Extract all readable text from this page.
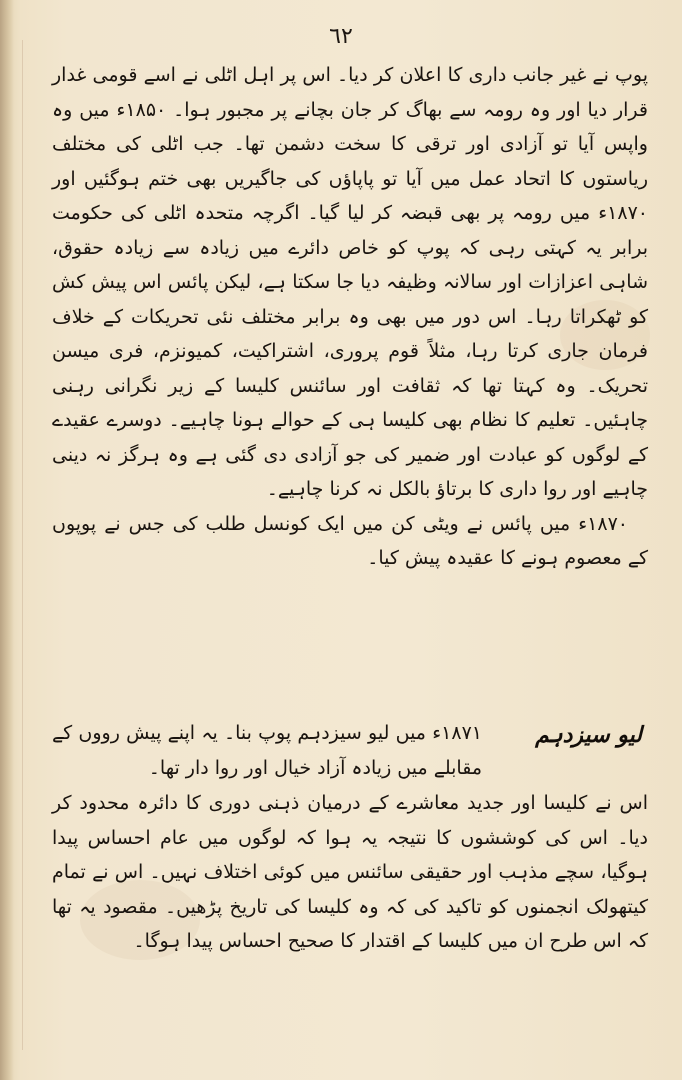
٦٢

پوپ نے غیر جانب داری کا اعلان کر دیا۔ اس پر اہل اٹلی نے اسے قومی غدار قرار دیا اور وہ رومہ سے بھاگ کر جان بچانے پر مجبور ہوا۔ ۱۸۵۰ء میں وہ واپس آیا تو آزادی اور ترقی کا سخت دشمن تھا۔ جب اٹلی کی مختلف ریاستوں کا اتحاد عمل میں آیا تو پاپاؤں کی جاگیریں بھی ختم ہوگئیں اور ۱۸۷۰ء میں رومہ پر بھی قبضہ کر لیا گیا۔ اگرچہ متحدہ اٹلی کی حکومت برابر یہ کہتی رہی کہ پوپ کو خاص دائرے میں زیادہ سے زیادہ حقوق، شاہی اعزازات اور سالانہ وظیفہ دیا جا سکتا ہے، لیکن پائس اس پیش کش کو ٹھکراتا رہا۔ اس دور میں بھی وہ برابر مختلف نئی تحریکات کے خلاف فرمان جاری کرتا رہا، مثلاً قوم پروری، اشتراکیت، کمیونزم، فری میسن تحریک۔ وہ کہتا تھا کہ ثقافت اور سائنس کلیسا کے زیر نگرانی رہنی چاہئیں۔ تعلیم کا نظام بھی کلیسا ہی کے حوالے ہونا چاہیے۔ دوسرے عقیدے کے لوگوں کو عبادت اور ضمیر کی جو آزادی دی گئی ہے وہ ہرگز نہ دینی چاہیے اور روا داری کا برتاؤ بالکل نہ کرنا چاہیے۔

۱۸۷۰ء میں پائس نے ویٹی کن میں ایک کونسل طلب کی جس نے پوپوں کے معصوم ہونے کا عقیدہ پیش کیا۔

لیو سیزدہم
۱۸۷۱ء میں لیو سیزدہم پوپ بنا۔ یہ اپنے پیش رووں کے مقابلے میں زیادہ آزاد خیال اور روا دار تھا۔
اس نے کلیسا اور جدید معاشرے کے درمیان ذہنی دوری کا دائرہ محدود کر دیا۔ اس کی کوششوں کا نتیجہ یہ ہوا کہ لوگوں میں عام احساس پیدا ہوگیا، سچے مذہب اور حقیقی سائنس میں کوئی اختلاف نہیں۔ اس نے تمام کیتھولک انجمنوں کو تاکید کی کہ وہ کلیسا کی تاریخ پڑھیں۔ مقصود یہ تھا کہ اس طرح ان میں کلیسا کے اقتدار کا صحیح احساس پیدا ہوگا۔
